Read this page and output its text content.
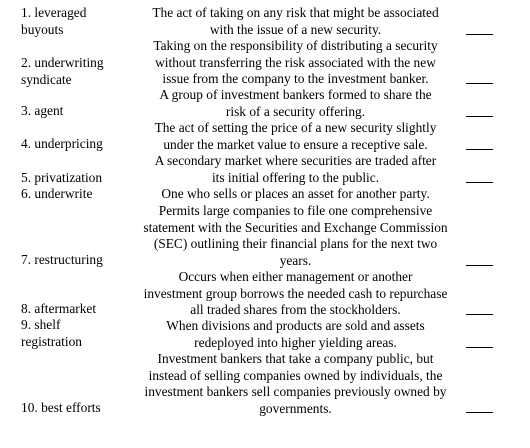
1. leveraged
buyouts
2. underwriting
syndicate
3. agent
4. underpricing
5. privatization
6. underwrite
7. restructuring
8. aftermarket
9. shelf
registration
10. best efforts
The act of taking on any risk that might be associated
with the issue of a new security.
Taking on the responsibility of distributing a security
without transferring the risk associated with the new
issue from the company to the investment banker.
A group of investment bankers formed to share the
risk of a security offering.
The act of setting the price of a new security slightly
under the market value to ensure a receptive sale.
A secondary market where securities are traded after
its initial offering to the public.
One who sells or places an asset for another party.
Permits large companies to file one comprehensive
statement with the Securities and Exchange Commission
(SEC) outlining their financial plans for the next two
years.
Occurs when either management or another
investment group borrows the needed cash to repurchase
all traded shares from the stockholders.
When divisions and products are sold and assets
redeployed into higher yielding areas.
Investment bankers that take a company public, but
instead of selling companies owned by individuals, the
investment bankers sell companies previously owned by
governments.
